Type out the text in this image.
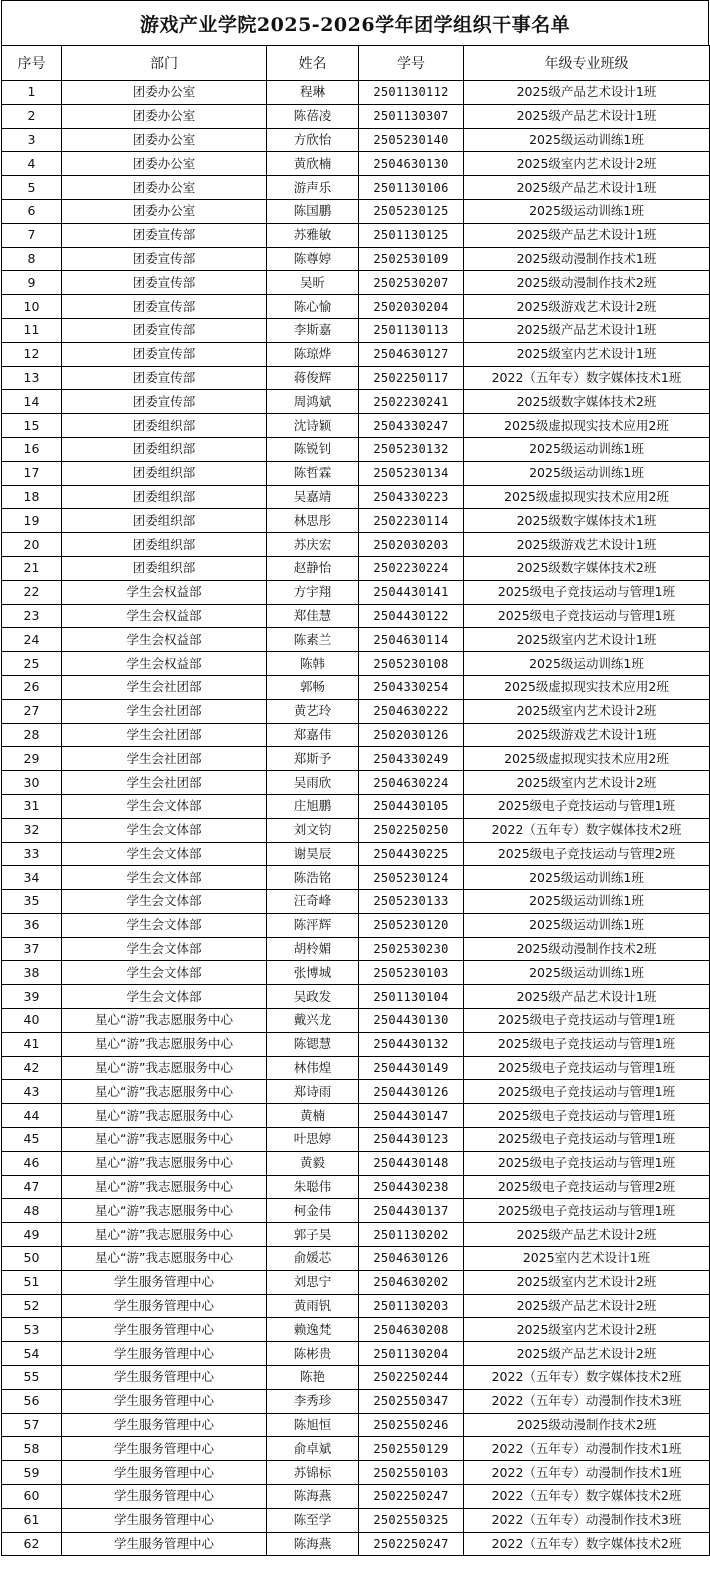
游戏产业学院2025-2026学年团学组织干事名单
序号	部门	姓名	学号	年级专业班级
1	团委办公室	程琳	2501130112	2025级产品艺术设计1班
2	团委办公室	陈蓓凌	2501130307	2025级产品艺术设计1班
3	团委办公室	方欣怡	2505230140	2025级运动训练1班
4	团委办公室	黄欣楠	2504630130	2025级室内艺术设计2班
5	团委办公室	游声乐	2501130106	2025级产品艺术设计1班
6	团委办公室	陈国鹏	2505230125	2025级运动训练1班
7	团委宣传部	苏雅敏	2501130125	2025级产品艺术设计1班
8	团委宣传部	陈尊婷	2502530109	2025级动漫制作技术1班
9	团委宣传部	吴昕	2502530207	2025级动漫制作技术2班
10	团委宣传部	陈心愉	2502030204	2025级游戏艺术设计2班
11	团委宣传部	李斯嘉	2501130113	2025级产品艺术设计1班
12	团委宣传部	陈琼烨	2504630127	2025级室内艺术设计1班
13	团委宣传部	蒋俊辉	2502250117	2022（五年专）数字媒体技术1班
14	团委宣传部	周鸿斌	2502230241	2025级数字媒体技术2班
15	团委组织部	沈诗颖	2504330247	2025级虚拟现实技术应用2班
16	团委组织部	陈锐钊	2505230132	2025级运动训练1班
17	团委组织部	陈哲霖	2505230134	2025级运动训练1班
18	团委组织部	吴嘉靖	2504330223	2025级虚拟现实技术应用2班
19	团委组织部	林思彤	2502230114	2025级数字媒体技术1班
20	团委组织部	苏庆宏	2502030203	2025级游戏艺术设计1班
21	团委组织部	赵静怡	2502230224	2025级数字媒体技术2班
22	学生会权益部	方宇翔	2504430141	2025级电子竞技运动与管理1班
23	学生会权益部	郑佳慧	2504430122	2025级电子竞技运动与管理1班
24	学生会权益部	陈素兰	2504630114	2025级室内艺术设计1班
25	学生会权益部	陈韩	2505230108	2025级运动训练1班
26	学生会社团部	郭畅	2504330254	2025级虚拟现实技术应用2班
27	学生会社团部	黄艺玲	2504630222	2025级室内艺术设计2班
28	学生会社团部	郑嘉伟	2502030126	2025级游戏艺术设计1班
29	学生会社团部	郑斯予	2504330249	2025级虚拟现实技术应用2班
30	学生会社团部	吴雨欣	2504630224	2025级室内艺术设计2班
31	学生会文体部	庄旭鹏	2504430105	2025级电子竞技运动与管理1班
32	学生会文体部	刘文钧	2502250250	2022（五年专）数字媒体技术2班
33	学生会文体部	谢昊辰	2504430225	2025级电子竞技运动与管理2班
34	学生会文体部	陈浩铭	2505230124	2025级运动训练1班
35	学生会文体部	汪奇峰	2505230133	2025级运动训练1班
36	学生会文体部	陈泙辉	2505230120	2025级运动训练1班
37	学生会文体部	胡柃媚	2502530230	2025级动漫制作技术2班
38	学生会文体部	张博城	2505230103	2025级运动训练1班
39	学生会文体部	吴政发	2501130104	2025级产品艺术设计1班
40	星心“游”我志愿服务中心	戴兴龙	2504430130	2025级电子竞技运动与管理1班
41	星心“游”我志愿服务中心	陈锶慧	2504430132	2025级电子竞技运动与管理1班
42	星心“游”我志愿服务中心	林伟煌	2504430149	2025级电子竞技运动与管理1班
43	星心“游”我志愿服务中心	郑诗雨	2504430126	2025级电子竞技运动与管理1班
44	星心“游”我志愿服务中心	黄楠	2504430147	2025级电子竞技运动与管理1班
45	星心“游”我志愿服务中心	叶思婷	2504430123	2025级电子竞技运动与管理1班
46	星心“游”我志愿服务中心	黄毅	2504430148	2025级电子竞技运动与管理1班
47	星心“游”我志愿服务中心	朱聪伟	2504430238	2025级电子竞技运动与管理2班
48	星心“游”我志愿服务中心	柯金伟	2504430137	2025级电子竞技运动与管理1班
49	星心“游”我志愿服务中心	郭子昊	2501130202	2025级产品艺术设计2班
50	星心“游”我志愿服务中心	俞媛芯	2504630126	2025室内艺术设计1班
51	学生服务管理中心	刘思宁	2504630202	2025级室内艺术设计2班
52	学生服务管理中心	黄雨钒	2501130203	2025级产品艺术设计2班
53	学生服务管理中心	赖逸梵	2504630208	2025级室内艺术设计2班
54	学生服务管理中心	陈彬贵	2501130204	2025级产品艺术设计2班
55	学生服务管理中心	陈艳	2502250244	2022（五年专）数字媒体技术2班
56	学生服务管理中心	李秀珍	2502550347	2022（五年专）动漫制作技术3班
57	学生服务管理中心	陈旭恒	2502550246	2025级动漫制作技术2班
58	学生服务管理中心	俞卓斌	2502550129	2022（五年专）动漫制作技术1班
59	学生服务管理中心	苏锦标	2502550103	2022（五年专）动漫制作技术1班
60	学生服务管理中心	陈海燕	2502250247	2022（五年专）数字媒体技术2班
61	学生服务管理中心	陈至学	2502550325	2022（五年专）动漫制作技术3班
62	学生服务管理中心	陈海燕	2502250247	2022（五年专）数字媒体技术2班
